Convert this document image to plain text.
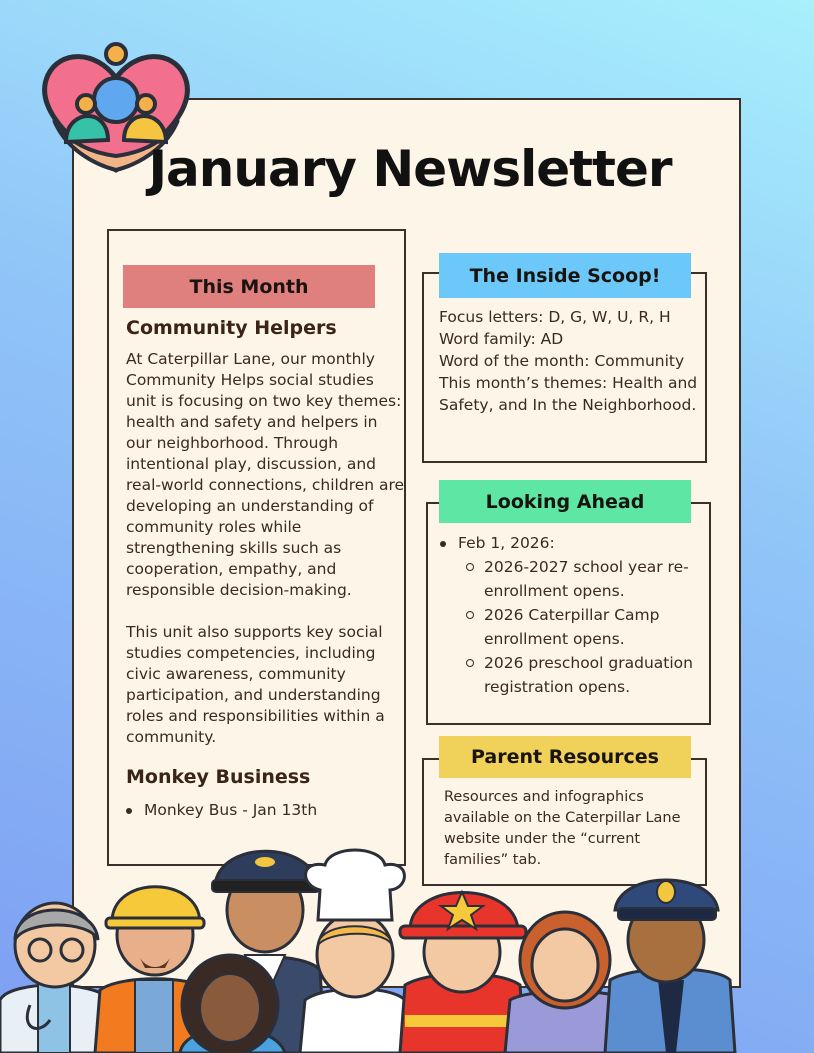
January Newsletter
This Month
Community Helpers
At Caterpillar Lane, our monthly Community Helps social studies unit is focusing on two key themes: health and safety and helpers in our neighborhood. Through intentional play, discussion, and real-world connections, children are developing an understanding of community roles while strengthening skills such as cooperation, empathy, and responsible decision-making.
This unit also supports key social studies competencies, including civic awareness, community participation, and understanding roles and responsibilities within a community.
Monkey Business
Monkey Bus - Jan 13th
The Inside Scoop!
Focus letters: D, G, W, U, R, H
Word family: AD
Word of the month: Community
This month’s themes: Health and Safety, and In the Neighborhood.
Looking Ahead
Feb 1, 2026:
2026-2027 school year re-enrollment opens.
2026 Caterpillar Camp enrollment opens.
2026 preschool graduation registration opens.
Parent Resources
Resources and infographics available on the Caterpillar Lane website under the “current families” tab.
